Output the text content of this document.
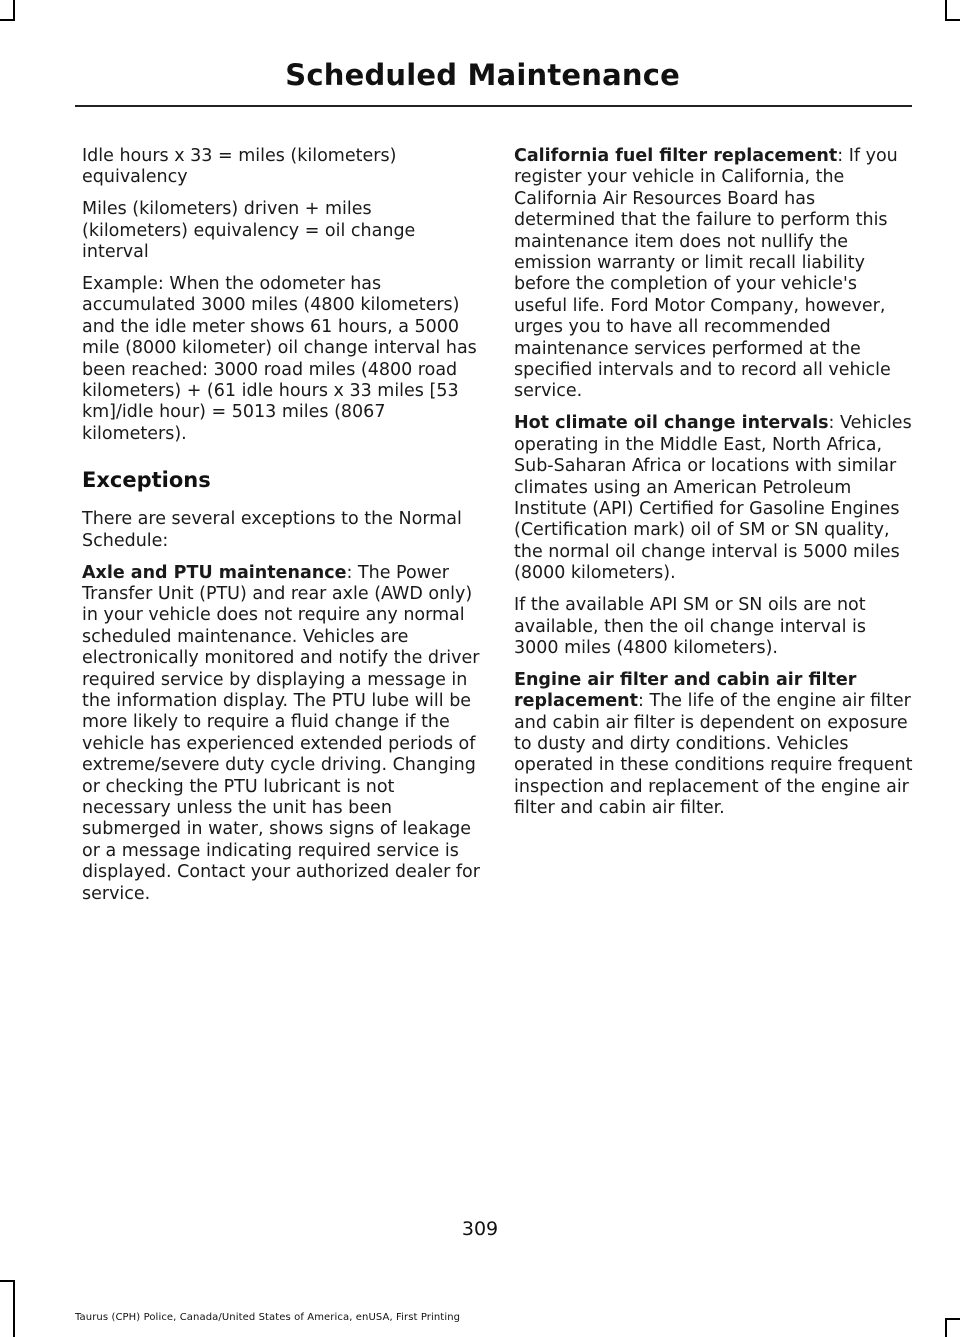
Scheduled Maintenance

Idle hours x 33 = miles (kilometers) equivalency

Miles (kilometers) driven + miles (kilometers) equivalency = oil change interval

Example: When the odometer has accumulated 3000 miles (4800 kilometers) and the idle meter shows 61 hours, a 5000 mile (8000 kilometer) oil change interval has been reached: 3000 road miles (4800 road kilometers) + (61 idle hours x 33 miles [53 km]/idle hour) = 5013 miles (8067 kilometers).

Exceptions

There are several exceptions to the Normal Schedule:

Axle and PTU maintenance: The Power Transfer Unit (PTU) and rear axle (AWD only) in your vehicle does not require any normal scheduled maintenance. Vehicles are electronically monitored and notify the driver required service by displaying a message in the information display. The PTU lube will be more likely to require a fluid change if the vehicle has experienced extended periods of extreme/severe duty cycle driving. Changing or checking the PTU lubricant is not necessary unless the unit has been submerged in water, shows signs of leakage or a message indicating required service is displayed. Contact your authorized dealer for service.

California fuel filter replacement: If you register your vehicle in California, the California Air Resources Board has determined that the failure to perform this maintenance item does not nullify the emission warranty or limit recall liability before the completion of your vehicle's useful life. Ford Motor Company, however, urges you to have all recommended maintenance services performed at the specified intervals and to record all vehicle service.

Hot climate oil change intervals: Vehicles operating in the Middle East, North Africa, Sub-Saharan Africa or locations with similar climates using an American Petroleum Institute (API) Certified for Gasoline Engines (Certification mark) oil of SM or SN quality, the normal oil change interval is 5000 miles (8000 kilometers).

If the available API SM or SN oils are not available, then the oil change interval is 3000 miles (4800 kilometers).

Engine air filter and cabin air filter replacement: The life of the engine air filter and cabin air filter is dependent on exposure to dusty and dirty conditions. Vehicles operated in these conditions require frequent inspection and replacement of the engine air filter and cabin air filter.

309
Taurus (CPH) Police, Canada/United States of America, enUSA, First Printing
